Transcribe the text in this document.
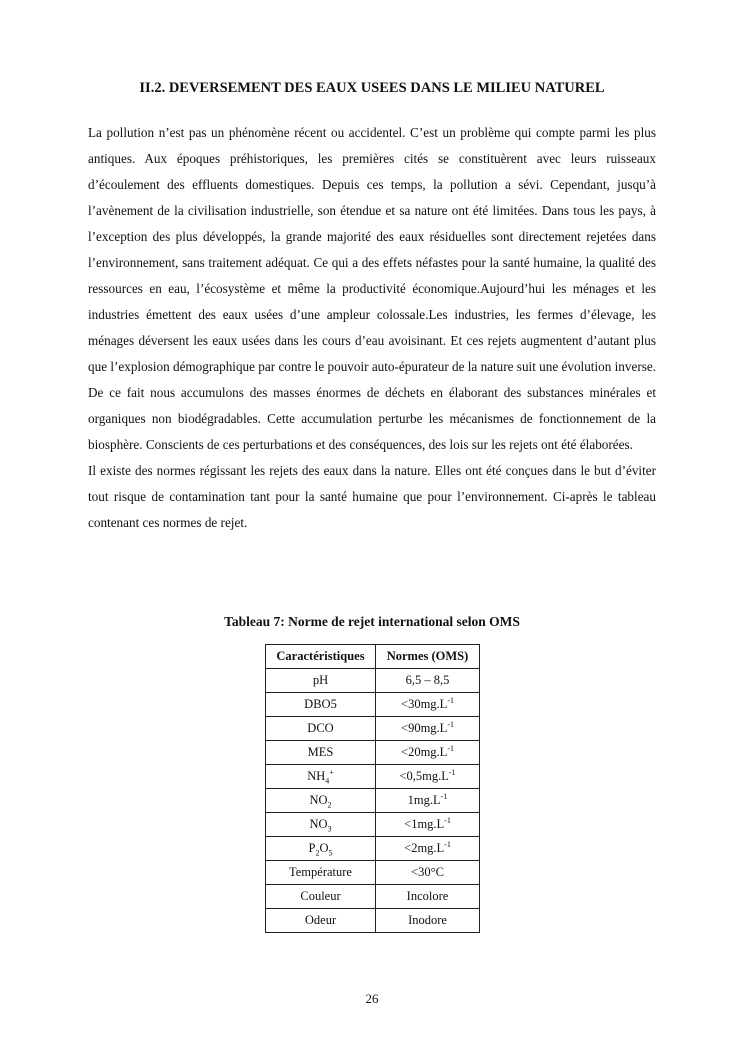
II.2. DEVERSEMENT DES EAUX USEES DANS LE MILIEU NATUREL

La pollution n’est pas un phénomène récent ou accidentel. C’est un problème qui compte parmi les plus antiques. Aux époques préhistoriques, les premières cités se constituèrent avec leurs ruisseaux d’écoulement des effluents domestiques. Depuis ces temps, la pollution a sévi. Cependant, jusqu’à l’avènement de la civilisation industrielle, son étendue et sa nature ont été limitées. Dans tous les pays, à l’exception des plus développés, la grande majorité des eaux résiduelles sont directement rejetées dans l’environnement, sans traitement adéquat. Ce qui a des effets néfastes pour la santé humaine, la qualité des ressources en eau, l’écosystème et même la productivité économique.Aujourd’hui les ménages et les industries émettent des eaux usées d’une ampleur colossale.Les industries, les fermes d’élevage, les ménages déversent les eaux usées dans les cours d’eau avoisinant. Et ces rejets augmentent d’autant plus que l’explosion démographique par contre le pouvoir auto-épurateur de la nature suit une évolution inverse. De ce fait nous accumulons des masses énormes de déchets en élaborant des substances minérales et organiques non biodégradables. Cette accumulation perturbe les mécanismes de fonctionnement de la biosphère. Conscients de ces perturbations et des conséquences, des lois sur les rejets ont été élaborées.

Il existe des normes régissant les rejets des eaux dans la nature. Elles ont été conçues dans le but d’éviter tout risque de contamination tant pour la santé humaine que pour l’environnement. Ci-après le tableau contenant ces normes de rejet.

Tableau 7: Norme de rejet international selon OMS
Caractéristiques	Normes (OMS)
pH	6,5 – 8,5
DBO5	$<30mg.L^{-1}$
DCO	$<90mg.L^{-1}$
MES	$<20mg.L^{-1}$
$NH_4^+$	$<0,5mg.L^{-1}$
$NO_2$	$1mg.L^{-1}$
$NO_3$	$<1mg.L^{-1}$
$P_2O_5$	$<2mg.L^{-1}$
Température	<30°C
Couleur	Incolore
Odeur	Inodore
26
